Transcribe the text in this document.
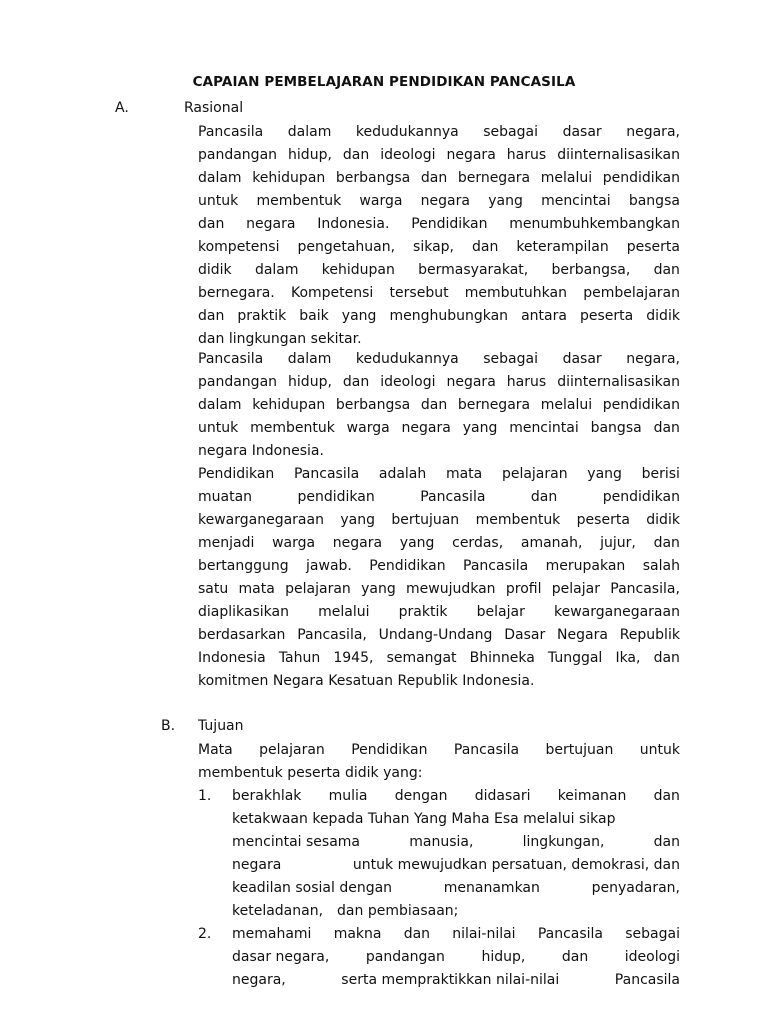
CAPAIAN PEMBELAJARAN PENDIDIKAN PANCASILA
A.	Rasional
Pancasila dalam kedudukannya sebagai dasar negara,
pandangan hidup, dan ideologi negara harus diinternalisasikan
dalam kehidupan berbangsa dan bernegara melalui pendidikan
untuk membentuk warga negara yang mencintai bangsa
dan negara Indonesia. Pendidikan menumbuhkembangkan
kompetensi pengetahuan, sikap, dan keterampilan peserta
didik dalam kehidupan bermasyarakat, berbangsa, dan
bernegara. Kompetensi tersebut membutuhkan pembelajaran
dan praktik baik yang menghubungkan antara peserta didik
dan lingkungan sekitar.
Pancasila dalam kedudukannya sebagai dasar negara,
pandangan hidup, dan ideologi negara harus diinternalisasikan
dalam kehidupan berbangsa dan bernegara melalui pendidikan
untuk membentuk warga negara yang mencintai bangsa dan
negara Indonesia.
Pendidikan Pancasila adalah mata pelajaran yang berisi
muatan	pendidikan	Pancasila	dan	pendidikan
kewarganegaraan yang bertujuan membentuk peserta didik
menjadi warga negara yang cerdas, amanah, jujur, dan
bertanggung jawab. Pendidikan Pancasila merupakan salah
satu mata pelajaran yang mewujudkan profil pelajar Pancasila,
diaplikasikan melalui praktik belajar kewarganegaraan
berdasarkan Pancasila, Undang-Undang Dasar Negara Republik
Indonesia Tahun 1945, semangat Bhinneka Tunggal Ika, dan
komitmen Negara Kesatuan Republik Indonesia.
B. Tujuan
Mata pelajaran Pendidikan Pancasila bertujuan untuk
membentuk peserta didik yang:
1. berakhlak mulia dengan didasari keimanan dan
ketakwaan kepada Tuhan Yang Maha Esa melalui sikap
mencintai sesama	manusia,	lingkungan,	dan
negara	untuk mewujudkan persatuan, demokrasi, dan
keadilan sosial dengan	menanamkan	penyadaran,
keteladanan, dan pembiasaan;
2. memahami makna dan nilai-nilai Pancasila sebagai
dasar negara,	pandangan	hidup,	dan	ideologi
negara,	serta mempraktikkan nilai-nilai	Pancasila
